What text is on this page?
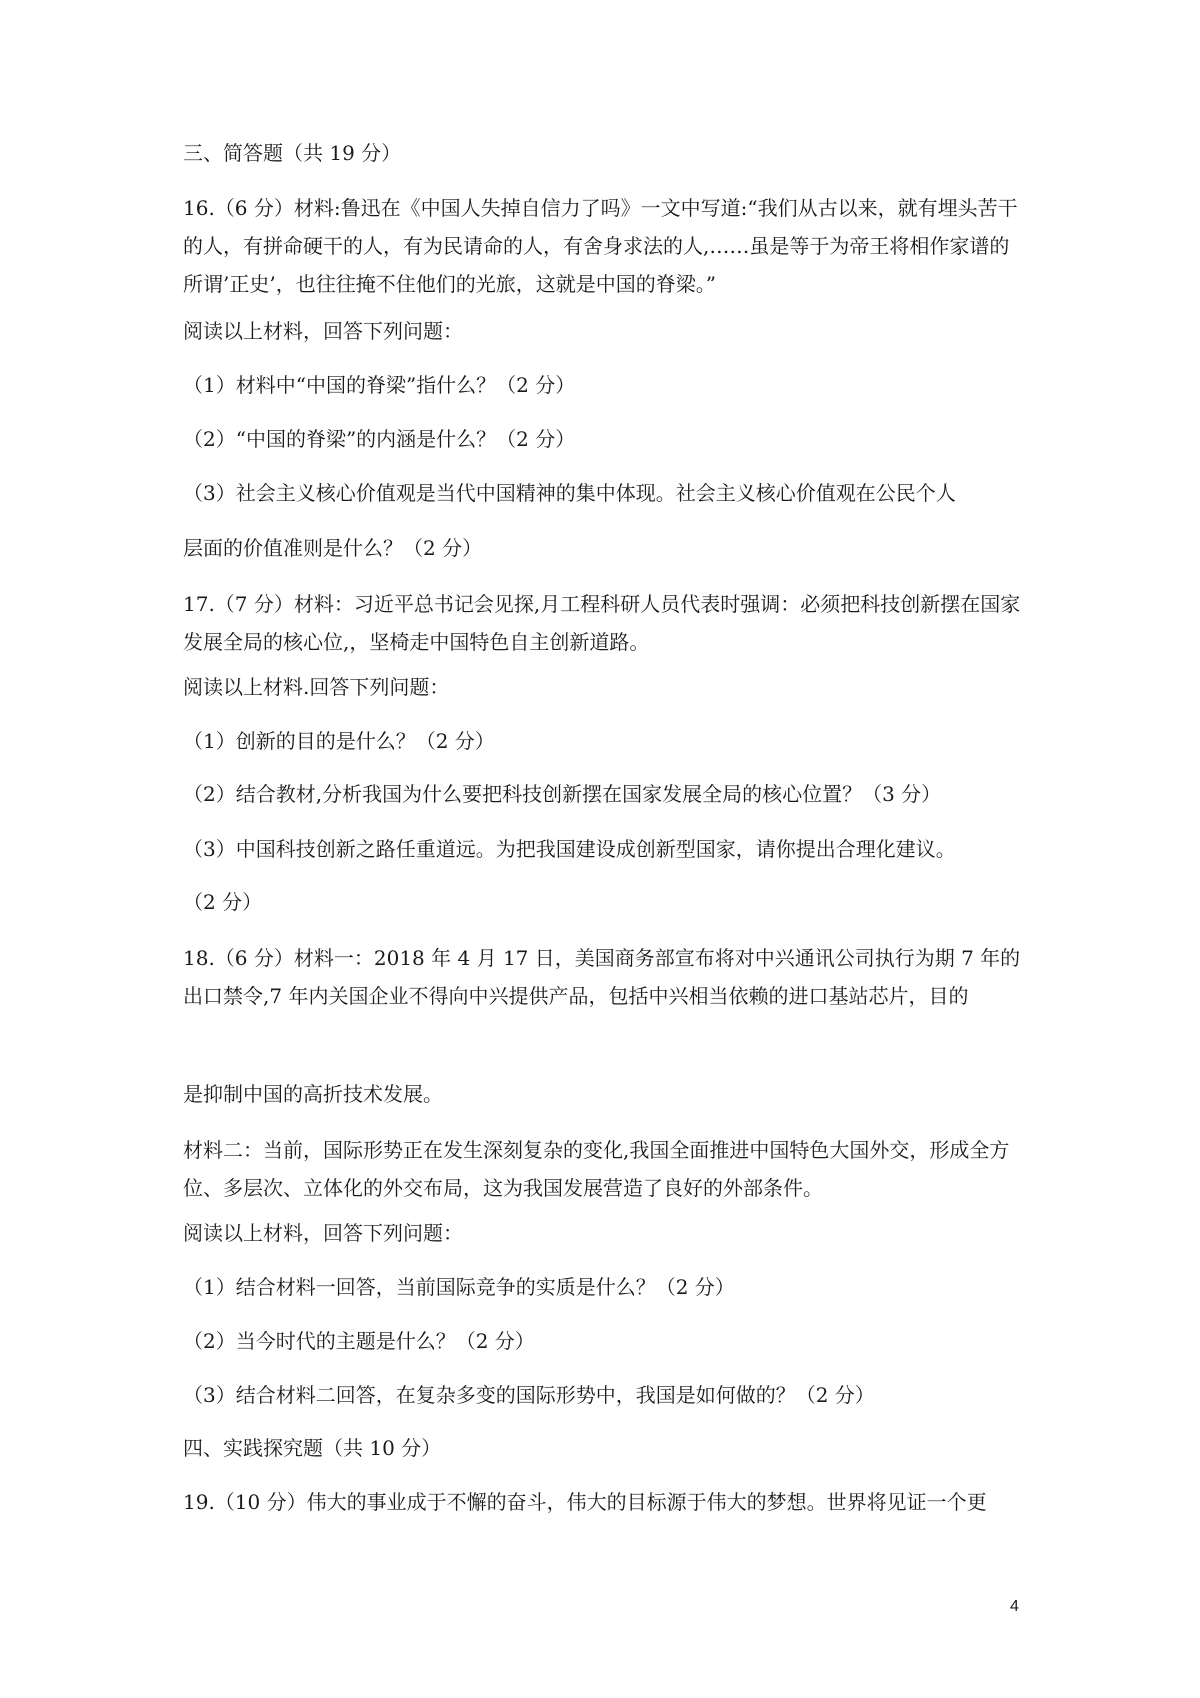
三、简答题（共 19 分）
16.（6 分）材料:鲁迅在《中国人失掉自信力了吗》一文中写道:“我们从古以来，就有埋头苦干的人，有拼命硬干的人，有为民请命的人，有舍身求法的人,……虽是等于为帝王将相作家谱的所谓’正史’，也往往掩不住他们的光旅，这就是中国的脊梁。”
阅读以上材料，回答下列问题：
（1）材料中“中国的脊梁”指什么？（2 分）
（2）“中国的脊梁”的内涵是什么？（2 分）
（3）社会主义核心价值观是当代中国精神的集中体现。社会主义核心价值观在公民个人
层面的价值准则是什么？（2 分）
17.（7 分）材料：习近平总书记会见探,月工程科研人员代表时强调：必须把科技创新摆在国家发展全局的核心位,，坚椅走中国特色自主创新道路。
阅读以上材料.回答下列问题：
（1）创新的目的是什么？（2 分）
（2）结合教材,分析我国为什么要把科技创新摆在国家发展全局的核心位置？（3 分）
（3）中国科技创新之路任重道远。为把我国建设成创新型国家，请你提出合理化建议。
（2 分）
18.（6 分）材料一：2018 年 4 月 17 日，美国商务部宣布将对中兴通讯公司执行为期 7 年的出口禁令,7 年内关国企业不得向中兴提供产品，包括中兴相当依赖的进口基站芯片，目的
是抑制中国的高折技术发展。
材料二：当前，国际形势正在发生深刻复杂的变化,我国全面推进中国特色大国外交，形成全方位、多层次、立体化的外交布局，这为我国发展营造了良好的外部条件。
阅读以上材料，回答下列问题：
（1）结合材料一回答，当前国际竞争的实质是什么？（2 分）
（2）当今时代的主题是什么？（2 分）
（3）结合材料二回答，在复杂多变的国际形势中，我国是如何做的？（2 分）
四、实践探究题（共 10 分）
19.（10 分）伟大的事业成于不懈的奋斗，伟大的目标源于伟大的梦想。世界将见证一个更
4
